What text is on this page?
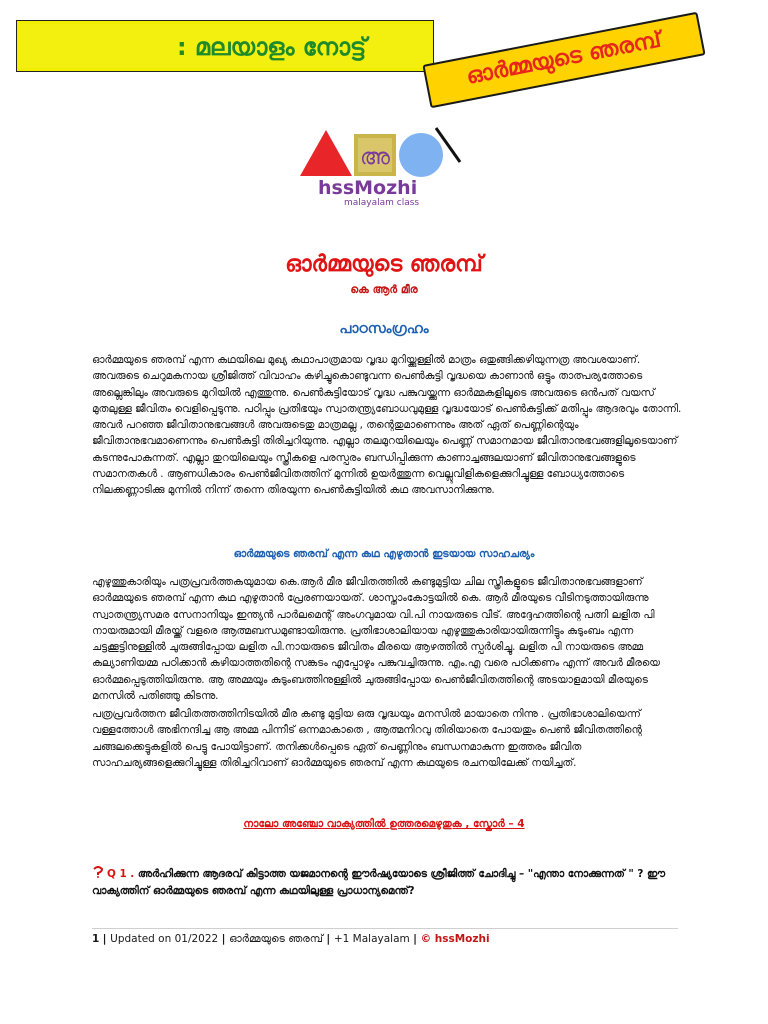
: മലയാളം നോട്ട്	ഓർമ്മയുടെ ഞരമ്പ്
അ
hssMozhi
malayalam class
ഓർമ്മയുടെ ഞരമ്പ്
കെ ആർ മീര
പാഠസംഗ്രഹം

ഓർമ്മയുടെ ഞരമ്പ് എന്ന കഥയിലെ മുഖ്യ കഥാപാത്രമായ വൃദ്ധ മുറിയ്ക്കുള്ളിൽ മാത്രം ഒതുങ്ങിക്കഴിയുന്നത്ര അവശയാണ്. അവരുടെ ചെറുമകനായ ശ്രീജിത്ത് വിവാഹം കഴിച്ചുകൊണ്ടുവന്ന പെൺകുട്ടി വൃദ്ധയെ കാണാൻ ഒട്ടും താത്പര്യത്തോടെ അല്ലെങ്കിലും അവരുടെ മുറിയിൽ എത്തുന്നു. പെൺകുട്ടിയോട് വൃദ്ധ പങ്കുവയ്ക്കുന്ന ഓർമ്മകളിലൂടെ അവരുടെ ഒൻപത് വയസ് മുതലുള്ള ജീവിതം വെളിപ്പെടുന്നു. പഠിപ്പും പ്രതിഭയും സ്വാതന്ത്ര്യബോധവുമുള്ള വൃദ്ധയോട് പെൺകുട്ടിക്ക് മതിപ്പും ആദരവും തോന്നി. അവർ പറഞ്ഞ ജീവിതാനുഭവങ്ങൾ അവരുടെതു മാത്രമല്ല , തന്റെതുമാണെന്നും അത് ഏത് പെണ്ണിന്റെയും ജീവിതാനുഭവമാണെന്നും പെൺകുട്ടി തിരിച്ചറിയുന്നു. എല്ലാ തലമുറയിലെയും പെണ്ണ് സമാനമായ ജീവിതാനുഭവങ്ങളിലൂടെയാണ് കടന്നുപോകുന്നത്. എല്ലാ തുറയിലെയും സ്ത്രീകളെ പരസ്പരം ബന്ധിപ്പിക്കുന്ന കാണാച്ചങ്ങലയാണ് ജീവിതാനുഭവങ്ങളുടെ സമാനതകൾ . ആണധികാരം പെൺജീവിതത്തിന് മുന്നിൽ ഉയർത്തുന്ന വെല്ലുവിളികളെക്കുറിച്ചുള്ള ബോധ്യത്തോടെ നിലക്കണ്ണാടിക്കു മുന്നിൽ നിന്ന് തന്നെ തിരയുന്ന പെൺകുട്ടിയിൽ കഥ അവസാനിക്കുന്നു.

ഓർമ്മയുടെ ഞരമ്പ് എന്ന കഥ എഴുതാൻ ഇടയായ സാഹചര്യം

എഴുത്തുകാരിയും പത്രപ്രവർത്തകയുമായ കെ.ആർ മീര ജീവിതത്തിൽ കണ്ടുമുട്ടിയ ചില സ്ത്രീകളുടെ ജീവിതാനുഭവങ്ങളാണ് ഓർമ്മയുടെ ഞരമ്പ് എന്ന കഥ എഴുതാൻ പ്രേരണയായത്. ശാസ്താംകോട്ടയിൽ കെ. ആർ മീരയുടെ വീടിനടുത്തായിരുന്നു സ്വാതന്ത്ര്യസമര സേനാനിയും ഇന്ത്യൻ പാർലമെന്റ് അംഗവുമായ വി.പി നായരുടെ വീട്. അദ്ദേഹത്തിന്റെ പത്നി ലളിത പി നായരുമായി മീരയ്ക്ക് വളരെ ആത്മബന്ധമുണ്ടായിരുന്നു. പ്രതിഭാശാലിയായ എഴുത്തുകാരിയായിരുന്നിട്ടും കുടുംബം എന്ന ചട്ടക്കൂട്ടിനുള്ളിൽ ചുരുങ്ങിപ്പോയ ലളിത പി.നായരുടെ ജീവിതം മീരയെ ആഴത്തിൽ സ്പർശിച്ചു. ലളിത പി നായരുടെ അമ്മ കല്യാണിയമ്മ പഠിക്കാൻ കഴിയാത്തതിന്റെ സങ്കടം എപ്പോഴും പങ്കുവച്ചിരുന്നു. എം.എ വരെ പഠിക്കണം എന്ന് അവർ മീരയെ ഓർമ്മപ്പെടുത്തിയിരുന്നു. ആ അമ്മയും കുടുംബത്തിനുള്ളിൽ ചുരുങ്ങിപ്പോയ പെൺജീവിതത്തിന്റെ അടയാളമായി മീരയുടെ മനസിൽ പതിഞ്ഞു കിടന്നു.

പത്രപ്രവർത്തന ജീവിതത്തത്തിനിടയിൽ മീര കണ്ടു മുട്ടിയ ഒരു വൃദ്ധയും മനസിൽ മായാതെ നിന്നു . പ്രതിഭാശാലിയെന്ന് വള്ളത്തോൾ അഭിനന്ദിച്ച ആ അമ്മ പിന്നീട് ഒന്നമാകാതെ , ആത്മനിറവു തിരിയാതെ പോയതും പെൺ ജീവിതത്തിന്റെ ചങ്ങലക്കെട്ടുകളിൽ പെട്ടു പോയിട്ടാണ്. തനിക്കൾപ്പെടെ ഏത് പെണ്ണിനും ബന്ധനമാകുന്ന ഇത്തരം ജീവിത സാഹചര്യങ്ങളെക്കുറിച്ചുള്ള തിരിച്ചറിവാണ് ഓർമ്മയുടെ ഞരമ്പ് എന്ന കഥയുടെ രചനയിലേക്ക് നയിച്ചത്.

നാലോ അഞ്ചോ വാക്യത്തിൽ ഉത്തരമെഴുതുക , സ്കോർ – 4
Q 1 . അർഹിക്കുന്ന ആദരവ് കിട്ടാത്ത യജമാനന്റെ ഈർഷ്യയോടെ ശ്രീജിത്ത് ചോദിച്ചു – "എന്താ നോക്കുന്നത് " ? ഈ വാക്യത്തിന് ഓർമ്മയുടെ ഞരമ്പ് എന്ന കഥയിലുള്ള പ്രാധാന്യമെന്ത്?
1 | Updated on 01/2022 | ഓർമ്മയുടെ ഞരമ്പ് | +1 Malayalam | © hssMozhi
